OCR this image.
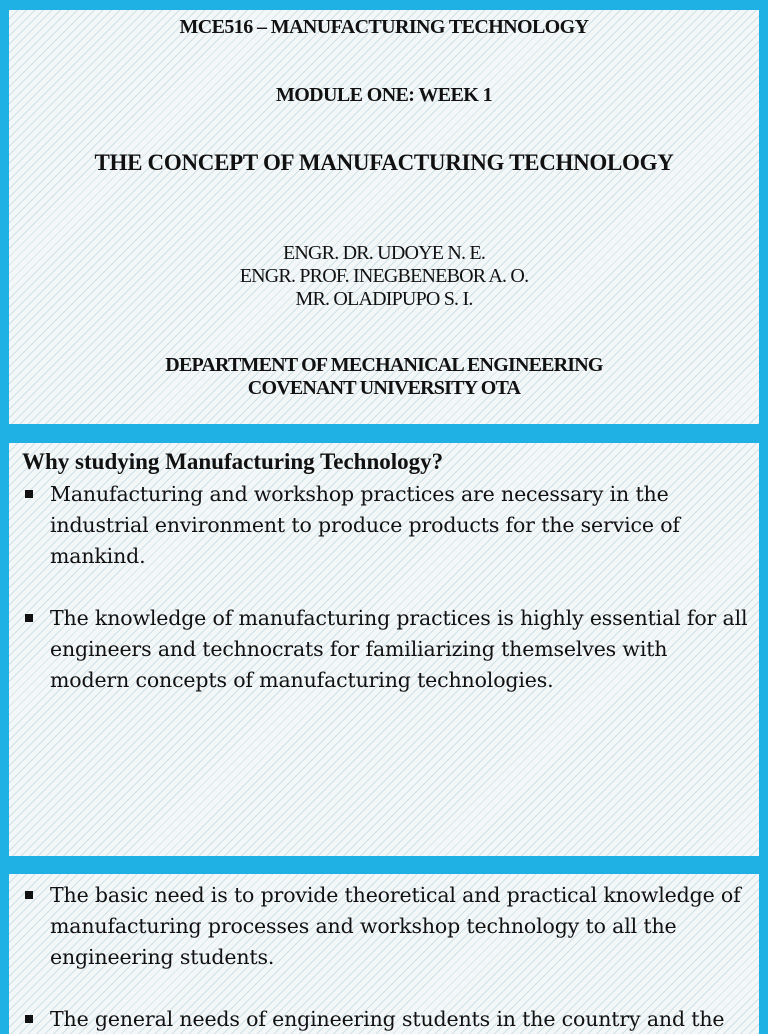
MCE516 – MANUFACTURING TECHNOLOGY
MODULE ONE: WEEK 1
THE CONCEPT OF MANUFACTURING TECHNOLOGY
ENGR. DR. UDOYE N. E.
ENGR. PROF. INEGBENEBOR A. O.
MR. OLADIPUPO S. I.
DEPARTMENT OF MECHANICAL ENGINEERING
COVENANT UNIVERSITY OTA
Why studying Manufacturing Technology?
Manufacturing and workshop practices are necessary in the industrial environment to produce products for the service of mankind.
The knowledge of manufacturing practices is highly essential for all engineers and technocrats for familiarizing themselves with modern concepts of manufacturing technologies.
The basic need is to provide theoretical and practical knowledge of manufacturing processes and workshop technology to all the engineering students.
The general needs of engineering students in the country and the
